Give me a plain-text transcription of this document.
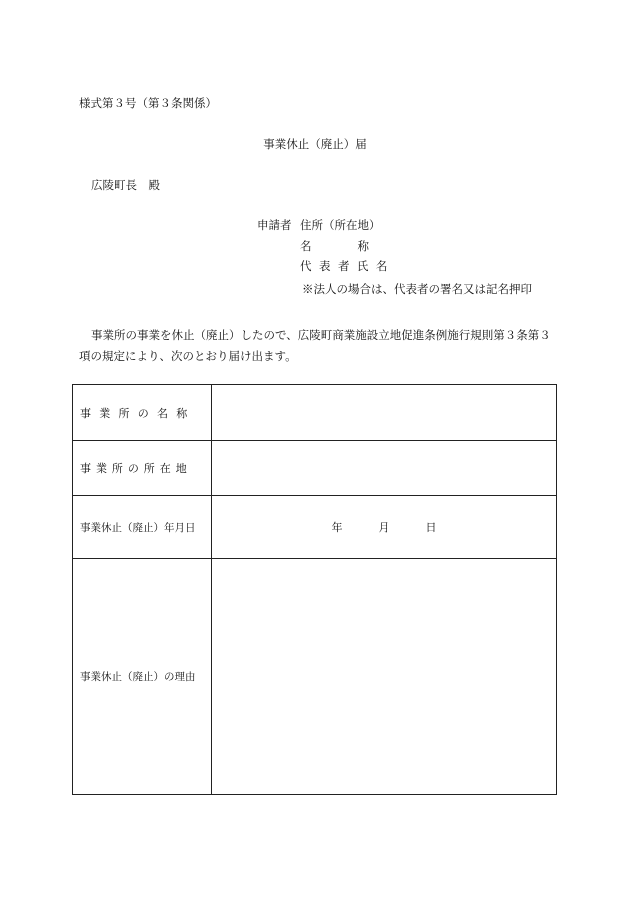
様式第３号（第３条関係）
事業休止（廃止）届
広陵町長　殿
申請者 住所（所在地）
名　　　　称
代表者氏名
※法人の場合は、代表者の署名又は記名押印
事業所の事業を休止（廃止）したので、広陵町商業施設立地促進条例施行規則第３条第３項の規定により、次のとおり届け出ます。
事業所の名称	
事業所の所在地	
事業休止（廃止）年月日	年 月 日
事業休止（廃止）の理由	
